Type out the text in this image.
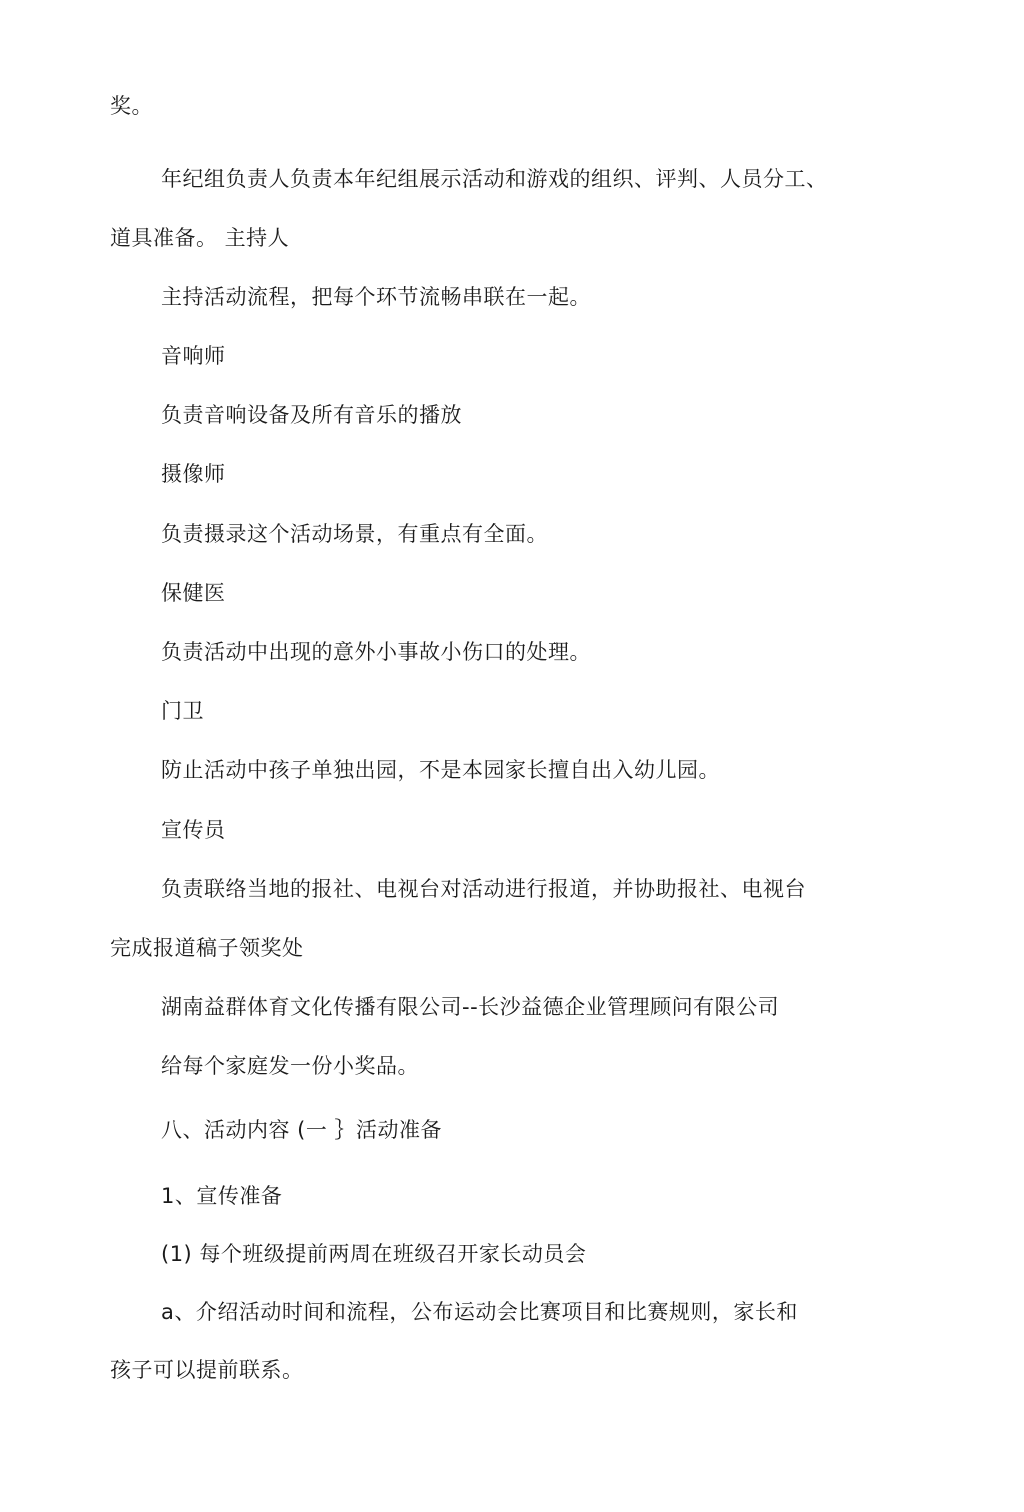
奖。
年纪组负责人负责本年纪组展示活动和游戏的组织、评判、人员分工、
道具准备。 主持人
主持活动流程，把每个环节流畅串联在一起。
音响师
负责音响设备及所有音乐的播放
摄像师
负责摄录这个活动场景，有重点有全面。
保健医
负责活动中出现的意外小事故小伤口的处理。
门卫
防止活动中孩子单独出园，不是本园家长擅自出入幼儿园。
宣传员
负责联络当地的报社、电视台对活动进行报道，并协助报社、电视台
完成报道稿子领奖处
湖南益群体育文化传播有限公司--长沙益德企业管理顾问有限公司
给每个家庭发一份小奖品。
八、活动内容 (一 ｝活动准备
1、宣传准备
(1) 每个班级提前两周在班级召开家长动员会
a、介绍活动时间和流程，公布运动会比赛项目和比赛规则，家长和
孩子可以提前联系。
